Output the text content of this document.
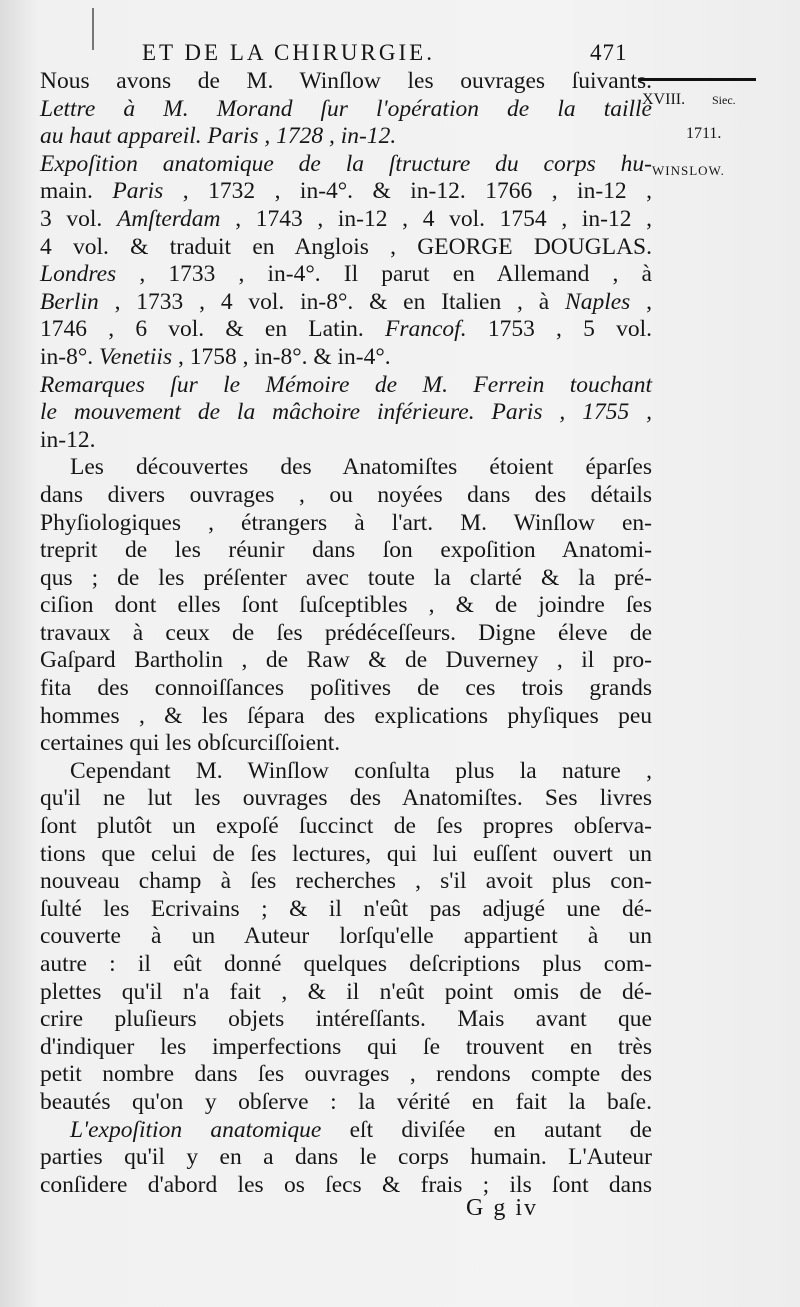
ET DE LA CHIRURGIE.	471
XVIII. Siec.
1711.
WINSLOW.
Nous avons de M. Winſlow les ouvrages ſuivants.
Lettre à M. Morand ſur l'opération de la taille
au haut appareil. Paris , 1728 , in-12.
Expoſition anatomique de la ſtructure du corps hu-
main. Paris , 1732 , in-4°. & in-12. 1766 , in-12 ,
3 vol. Amſterdam , 1743 , in-12 , 4 vol. 1754 , in-12 ,
4 vol. & traduit en Anglois , GEORGE DOUGLAS.
Londres , 1733 , in-4°. Il parut en Allemand , à
Berlin , 1733 , 4 vol. in-8°. & en Italien , à Naples ,
1746 , 6 vol. & en Latin. Francof. 1753 , 5 vol.
in-8°. Venetiis , 1758 , in-8°. & in-4°.
Remarques ſur le Mémoire de M. Ferrein touchant
le mouvement de la mâchoire inférieure. Paris , 1755 ,
in-12.
Les découvertes des Anatomiſtes étoient éparſes
dans divers ouvrages , ou noyées dans des détails
Phyſiologiques , étrangers à l'art. M. Winſlow en-
treprit de les réunir dans ſon expoſition Anatomi-
qus ; de les préſenter avec toute la clarté & la pré-
ciſion dont elles ſont ſuſceptibles , & de joindre ſes
travaux à ceux de ſes prédéceſſeurs. Digne éleve de
Gaſpard Bartholin , de Raw & de Duverney , il pro-
fita des connoiſſances poſitives de ces trois grands
hommes , & les ſépara des explications phyſiques peu
certaines qui les obſcurciſſoient.
Cependant M. Winſlow conſulta plus la nature ,
qu'il ne lut les ouvrages des Anatomiſtes. Ses livres
ſont plutôt un expoſé ſuccinct de ſes propres obſerva-
tions que celui de ſes lectures, qui lui euſſent ouvert un
nouveau champ à ſes recherches , s'il avoit plus con-
ſulté les Ecrivains ; & il n'eût pas adjugé une dé-
couverte à un Auteur lorſqu'elle appartient à un
autre : il eût donné quelques deſcriptions plus com-
plettes qu'il n'a fait , & il n'eût point omis de dé-
crire pluſieurs objets intéreſſants. Mais avant que
d'indiquer les imperfections qui ſe trouvent en très
petit nombre dans ſes ouvrages , rendons compte des
beautés qu'on y obſerve : la vérité en fait la baſe.
L'expoſition anatomique eſt diviſée en autant de
parties qu'il y en a dans le corps humain. L'Auteur
conſidere d'abord les os ſecs & frais ; ils ſont dans
G g iv
